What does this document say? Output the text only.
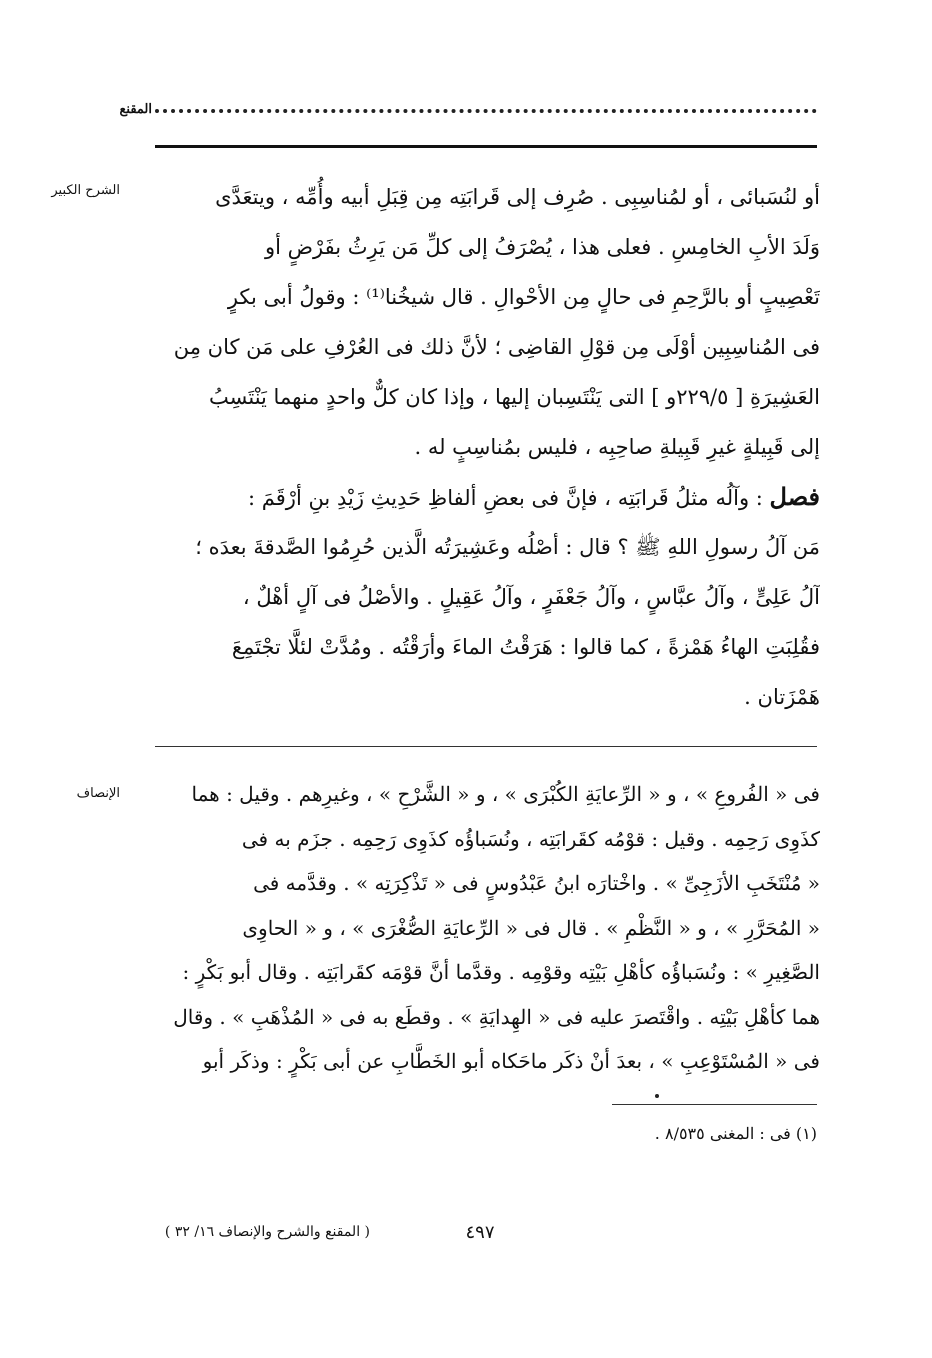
المقنع
الشرح الكبير	أو لنُسَبائى ، أو لمُناسِبِى . صُرِف إلى قَرابَتِه مِن قِبَلِ أبيه وأُمِّه ، ويتعَدَّى
وَلَدَ الأبِ الخامِسِ . فعلى هذا ، يُصْرَفُ إلى كلِّ مَن يَرِثُ بفَرْضٍ أو
تَعْصِيبٍ أو بالرَّحِمِ فى حالٍ مِن الأحْوالِ . قال شيخُنا⁽¹⁾ : وقولُ أبى بكرٍ
فى المُناسِبِين أوْلَى مِن قوْلِ القاضِى ؛ لأنَّ ذلك فى العُرْفِ على مَن كان مِن
العَشِيرَةِ [ ٢٢٩/٥و ] التى يَنْتَسِبان إليها ، وإذا كان كلٌّ واحدٍ منهما يَنْتَسِبُ
إلى قَبِيلةٍ غيرِ قَبِيلةِ صاحِبِه ، فليس بمُناسِبٍ له .
فصل : وآلُه مثلُ قَرابَتِه ، فإنَّ فى بعضِ ألفاظِ حَدِيثِ زَيْدِ بنِ أرْقَمَ :
مَن آلُ رسولِ اللهِ ﷺ ؟ قال : أصْلُه وعَشِيرَتُه الَّذين حُرِمُوا الصَّدقةَ بعدَه ؛
آلُ عَلِىٍّ ، وآلُ عبَّاسٍ ، وآلُ جَعْفَرٍ ، وآلُ عَقِيلٍ . والأصْلُ فى آلٍ أهْلٌ ،
فقُلِبَتِ الهاءُ هَمْزةً ، كما قالوا : هَرَقْتُ الماءَ وأرَقْتُه . ومُدَّتْ لئلَّا تجْتَمِعَ
هَمْزَتان .
الإنصاف	فى « الفُروعِ » ، و « الرِّعايَةِ الكُبْرَى » ، و « الشَّرْحِ » ، وغيرِهم . وقيل : هما
كذَوِى رَحِمِه . وقيل : قوْمُه كقَرابَتِه ، ونُسَباؤُه كذَوِى رَحِمِه . جزَم به فى
« مُنْتَخَبِ الأزَجِىِّ » . واخْتارَه ابنُ عَبْدُوسٍ فى « تَذْكِرَتِه » . وقدَّمه فى
« المُحَرَّرِ » ، و « النَّظْمِ » . قال فى « الرِّعايَةِ الصُّغْرَى » ، و « الحاوِى
الصَّغِيرِ » : ونُسَباؤُه كأهْلِ بَيْتِه وقوْمِه . وقدَّما أنَّ قوْمَه كقَرابَتِه . وقال أبو بَكْرٍ :
هما كأهْلِ بَيْتِه . واقْتَصرَ عليه فى « الهِدايَةِ » . وقطَع به فى « المُذْهَبِ » . وقال
فى « المُسْتَوْعِبِ » ، بعدَ أنْ ذكَر ماحَكاه أبو الخَطَّابِ عن أبى بَكْرٍ : وذكَر أبو
(١) فى : المغنى ٨/٥٣٥ .
٤٩٧
( المقنع والشرح والإنصاف ١٦/ ٣٢ )
